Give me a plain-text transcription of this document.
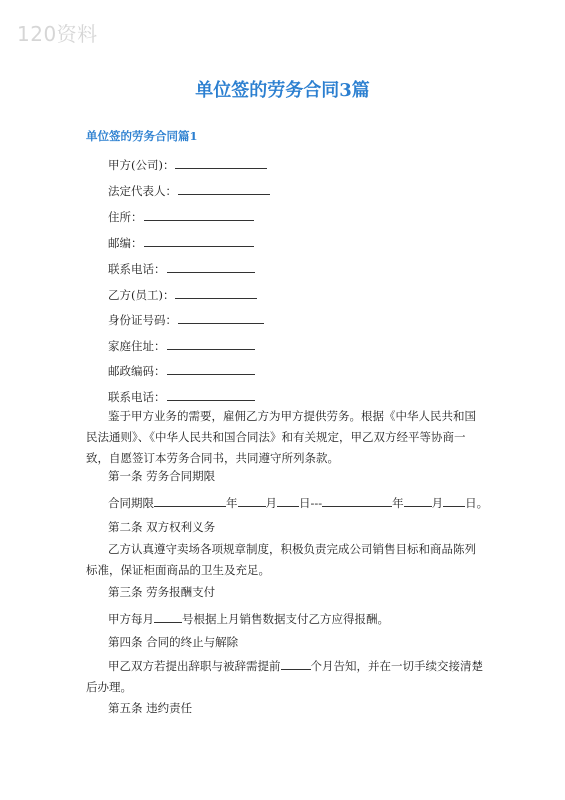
120资料
单位签的劳务合同3篇
单位签的劳务合同篇1
甲方(公司)：
法定代表人：
住所：
邮编：
联系电话：
乙方(员工)：
身份证号码：
家庭住址：
邮政编码：
联系电话：
鉴于甲方业务的需要，雇佣乙方为甲方提供劳务。根据《中华人民共和国民法通则》、《中华人民共和国合同法》和有关规定，甲乙双方经平等协商一致，自愿签订本劳务合同书，共同遵守所列条款。
第一条 劳务合同期限
合同期限	年 月 日---	年 月 日。
第二条 双方权利义务
乙方认真遵守卖场各项规章制度，积极负责完成公司销售目标和商品陈列标准，保证柜面商品的卫生及充足。
第三条 劳务报酬支付
甲方每月 号根据上月销售数据支付乙方应得报酬。
第四条 合同的终止与解除
甲乙双方若提出辞职与被辞需提前	个月告知，并在一切手续交接清楚后办理。
第五条 违约责任
